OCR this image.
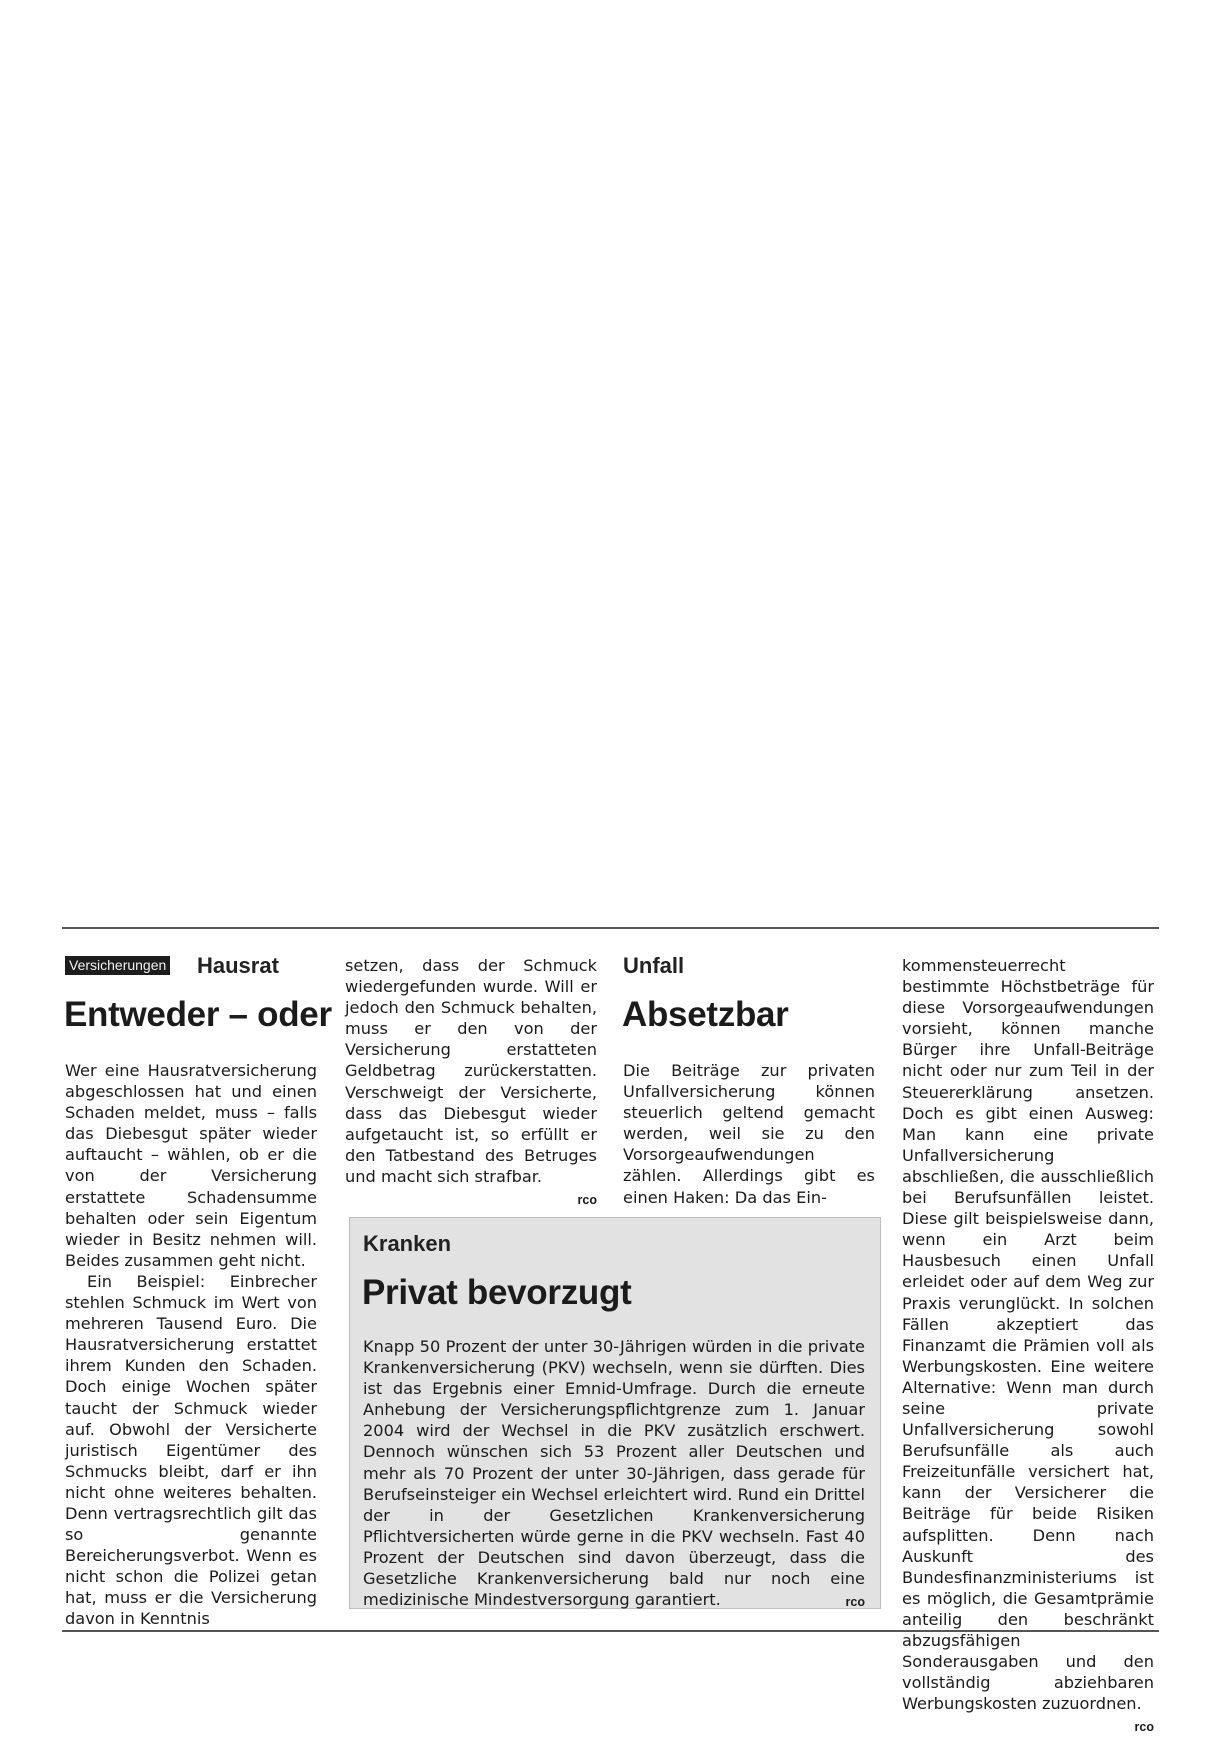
Versicherungen Hausrat
Entweder – oder

Wer eine Hausratversicherung abgeschlossen hat und einen Schaden meldet, muss – falls das Diebesgut später wieder auftaucht – wählen, ob er die von der Versicherung erstattete Schadensumme behalten oder sein Eigentum wieder in Besitz nehmen will. Beides zusammen geht nicht.

Ein Beispiel: Einbrecher stehlen Schmuck im Wert von mehreren Tausend Euro. Die Hausratversicherung erstattet ihrem Kunden den Schaden. Doch einige Wochen später taucht der Schmuck wieder auf. Obwohl der Versicherte juristisch Eigentümer des Schmucks bleibt, darf er ihn nicht ohne weiteres behalten. Denn vertragsrechtlich gilt das so genannte Bereicherungsverbot. Wenn es nicht schon die Polizei getan hat, muss er die Versicherung davon in Kenntnis

setzen, dass der Schmuck wiedergefunden wurde. Will er jedoch den Schmuck behalten, muss er den von der Versicherung erstatteten Geldbetrag zurückerstatten. Verschweigt der Versicherte, dass das Diebesgut wieder aufgetaucht ist, so erfüllt er den Tatbestand des Betruges und macht sich strafbar.

rco
Unfall
Absetzbar

Die Beiträge zur privaten Unfallversicherung können steuerlich geltend gemacht werden, weil sie zu den Vorsorgeaufwendungen zählen. Allerdings gibt es einen Haken: Da das Ein-

kommensteuerrecht bestimmte Höchstbeträge für diese Vorsorgeaufwendungen vorsieht, können manche Bürger ihre Unfall-Beiträge nicht oder nur zum Teil in der Steuererklärung ansetzen. Doch es gibt einen Ausweg: Man kann eine private Unfallversicherung abschließen, die ausschließlich bei Berufsunfällen leistet. Diese gilt beispielsweise dann, wenn ein Arzt beim Hausbesuch einen Unfall erleidet oder auf dem Weg zur Praxis verunglückt. In solchen Fällen akzeptiert das Finanzamt die Prämien voll als Werbungskosten. Eine weitere Alternative: Wenn man durch seine private Unfallversicherung sowohl Berufsunfälle als auch Freizeitunfälle versichert hat, kann der Versicherer die Beiträge für beide Risiken aufsplitten. Denn nach Auskunft des Bundesfinanzministeriums ist es möglich, die Gesamtprämie anteilig den beschränkt abzugsfähigen Sonderausgaben und den vollständig abziehbaren Werbungskosten zuzuordnen.

rco
Kranken
Privat bevorzugt

Knapp 50 Prozent der unter 30-Jährigen würden in die private Krankenversicherung (PKV) wechseln, wenn sie dürften. Dies ist das Ergebnis einer Emnid-Umfrage. Durch die erneute Anhebung der Versicherungspflichtgrenze zum 1. Januar 2004 wird der Wechsel in die PKV zusätzlich erschwert. Dennoch wünschen sich 53 Prozent aller Deutschen und mehr als 70 Prozent der unter 30-Jährigen, dass gerade für Berufseinsteiger ein Wechsel erleichtert wird. Rund ein Drittel der in der Gesetzlichen Krankenversicherung Pflichtversicherten würde gerne in die PKV wechseln. Fast 40 Prozent der Deutschen sind davon überzeugt, dass die Gesetzliche Krankenversicherung bald nur noch eine medizinische Mindestversorgung garantiert.	rco
